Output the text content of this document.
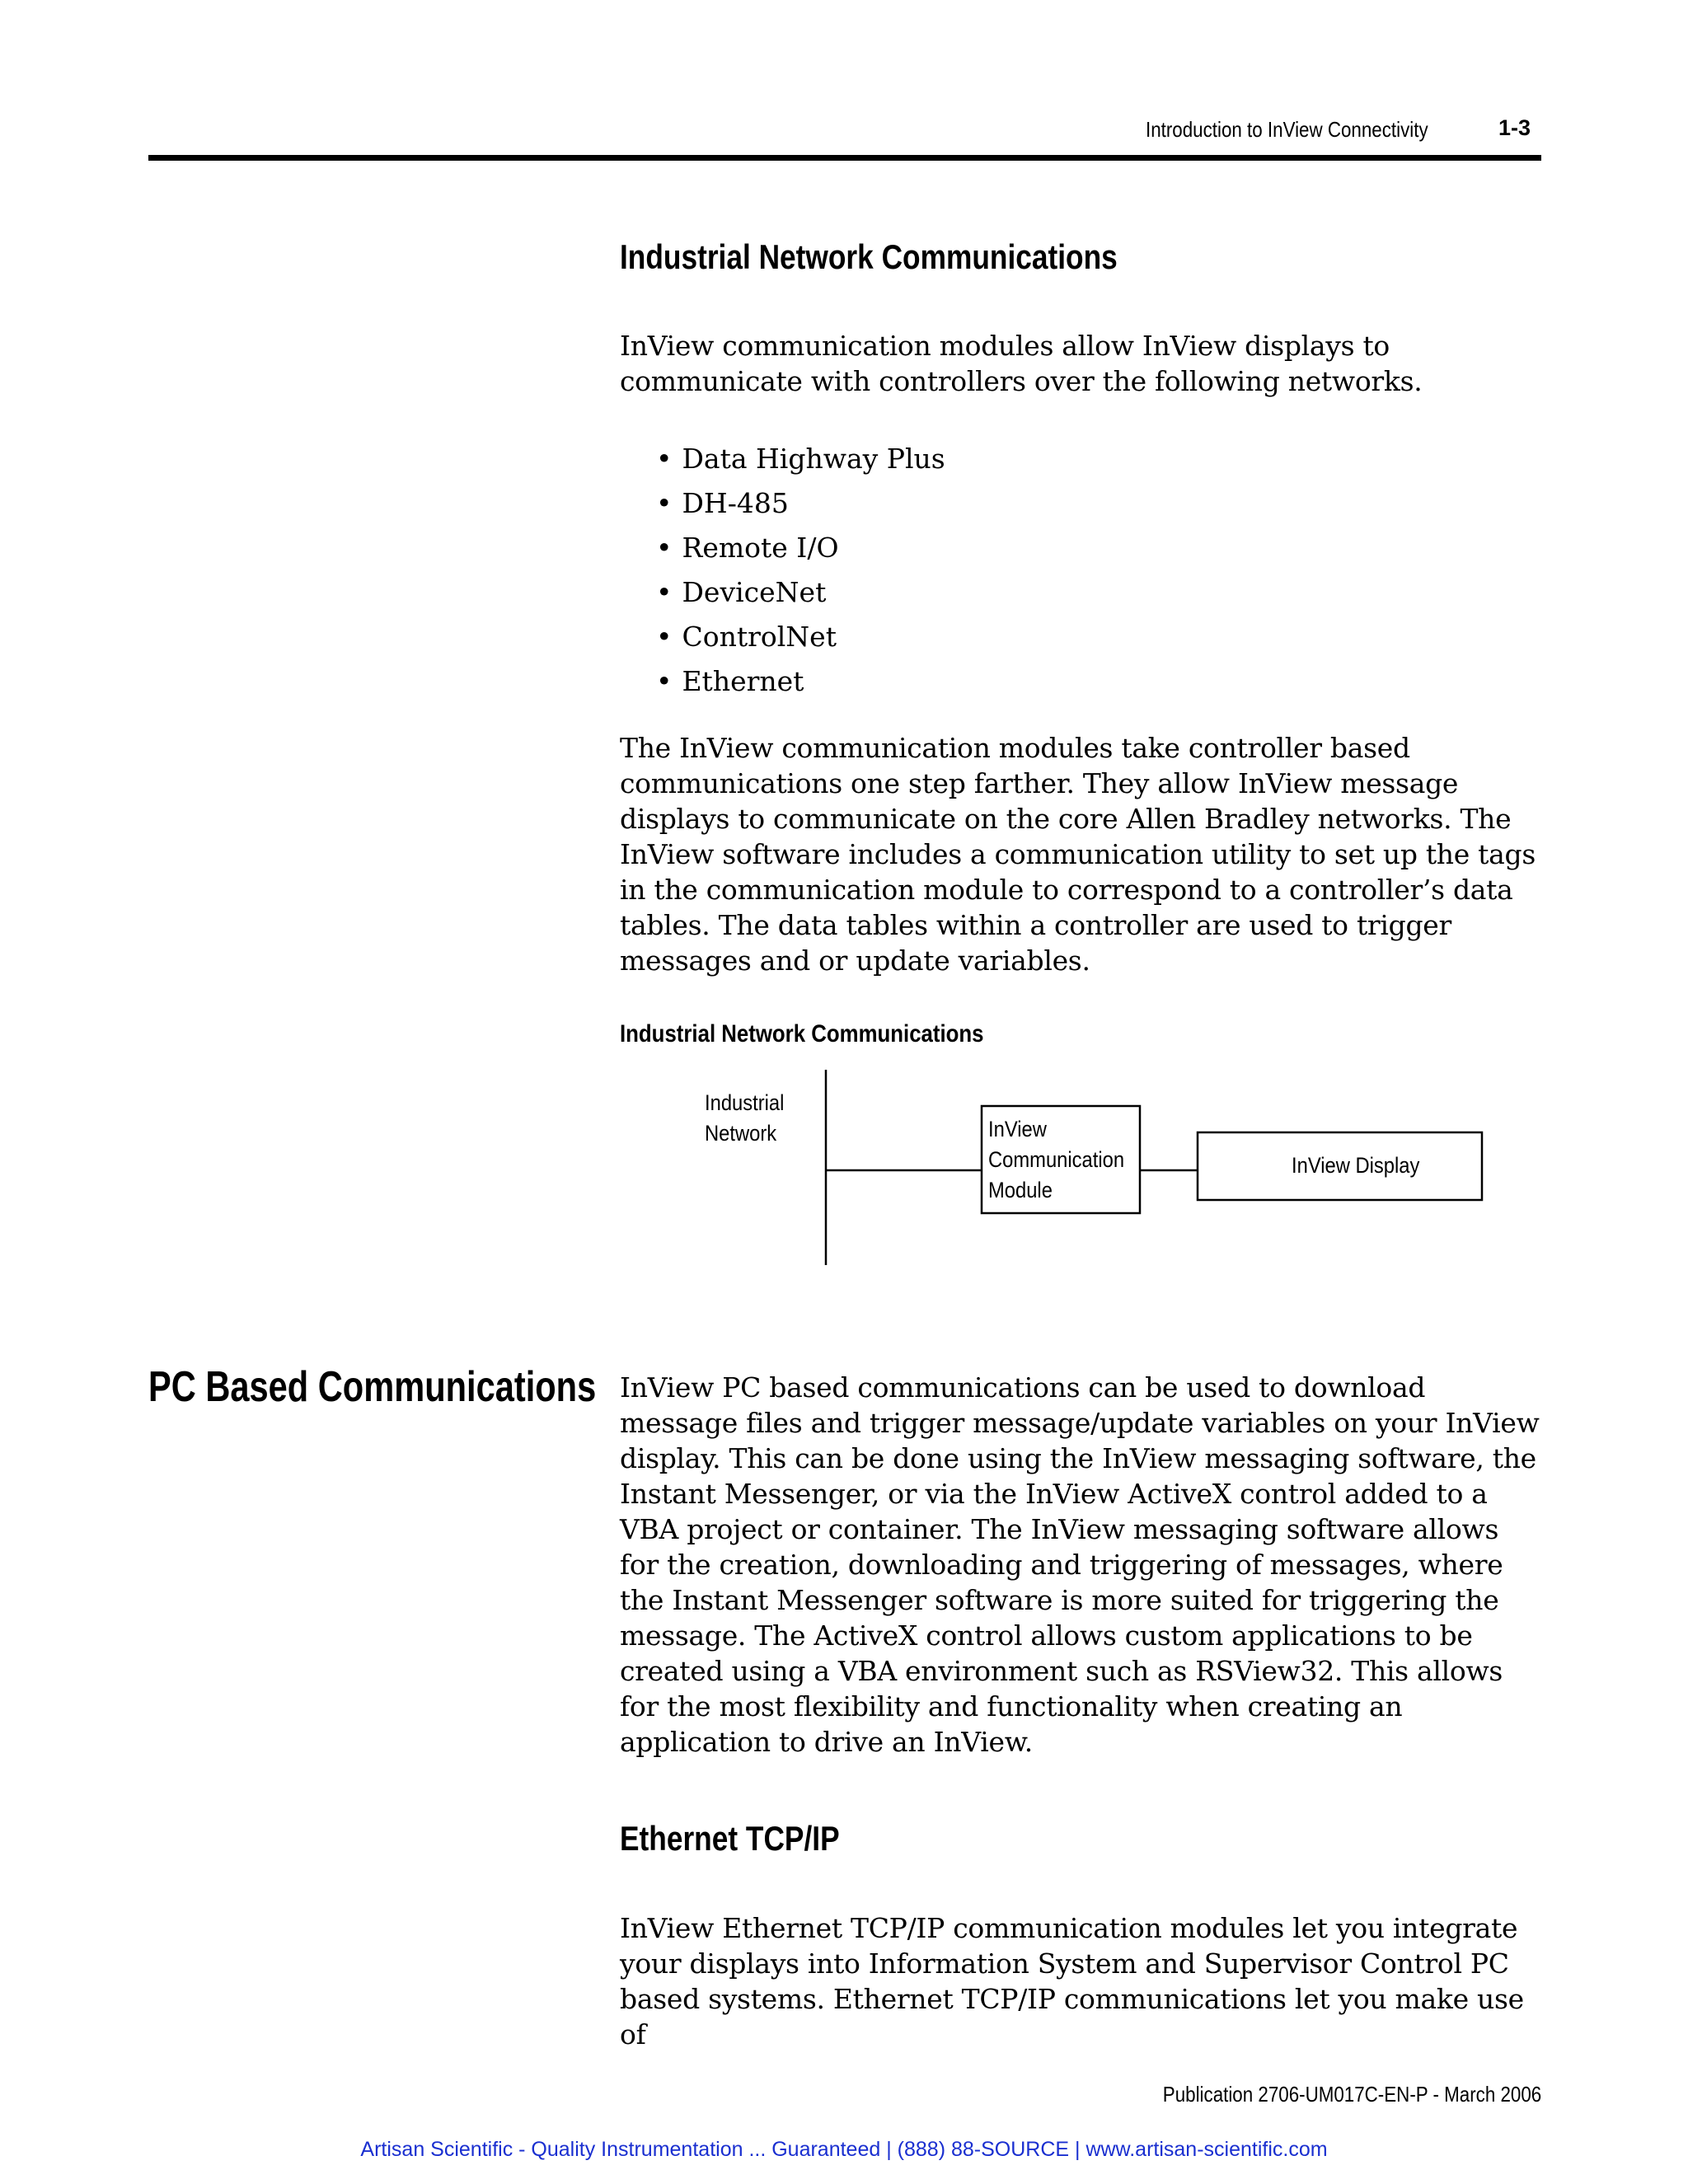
Introduction to InView Connectivity	1-3
Industrial Network Communications
InView communication modules allow InView displays to communicate with controllers over the following networks.
• Data Highway Plus
• DH-485
• Remote I/O
• DeviceNet
• ControlNet
• Ethernet
The InView communication modules take controller based communications one step farther. They allow InView message displays to communicate on the core Allen Bradley networks. The InView software includes a communication utility to set up the tags in the communication module to correspond to a controller’s data tables. The data tables within a controller are used to trigger messages and or update variables.
Industrial Network Communications
Industrial
Network	InView
Communication
Module
InView Display
PC Based Communications InView PC based communications can be used to download message files and trigger message/update variables on your InView display. This can be done using the InView messaging software, the Instant Messenger, or via the InView ActiveX control added to a VBA project or container. The InView messaging software allows for the creation, downloading and triggering of messages, where the Instant Messenger software is more suited for triggering the message. The ActiveX control allows custom applications to be created using a VBA environment such as RSView32. This allows for the most flexibility and functionality when creating an application to drive an InView.
Ethernet TCP/IP
InView Ethernet TCP/IP communication modules let you integrate your displays into Information System and Supervisor Control PC based systems. Ethernet TCP/IP communications let you make use of
Publication 2706-UM017C-EN-P - March 2006
Artisan Scientific - Quality Instrumentation ... Guaranteed | (888) 88-SOURCE | www.artisan-scientific.com
